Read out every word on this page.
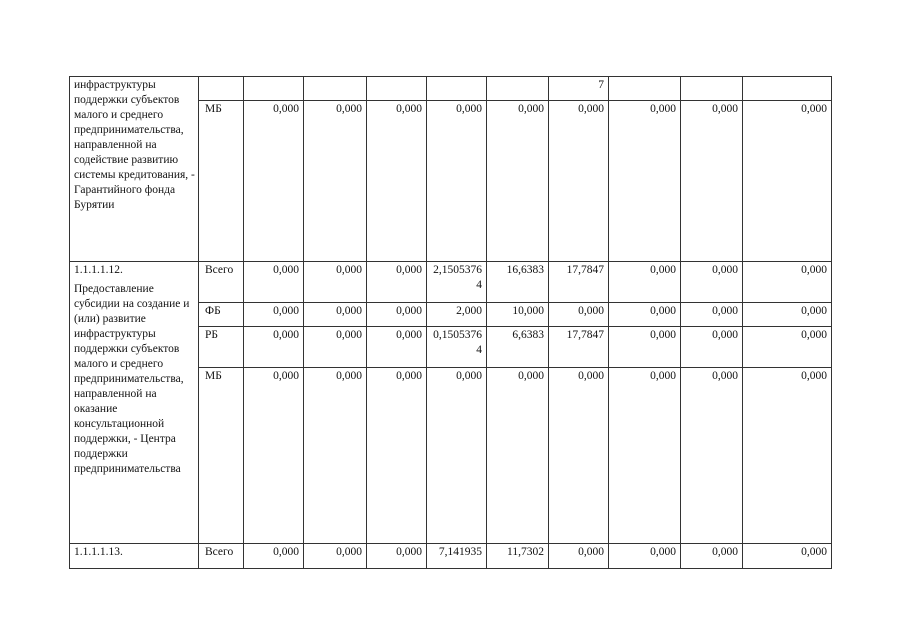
инфраструктуры поддержки субъектов малого и среднего предпринимательства, направленной на содействие развитию системы кредитования, - Гарантийного фонда Бурятии							7			
	МБ	0,000	0,000	0,000	0,000	0,000	0,000	0,000	0,000	0,000

1.1.1.1.12.
Предоставление субсидии на создание и (или) развитие инфраструктуры поддержки субъектов малого и среднего предпринимательства, направленной на оказание консультационной поддержки, - Центра поддержки предпринимательства	Всего	0,000	0,000	0,000	2,15053764	16,6383	17,7847	0,000	0,000	0,000
	ФБ	0,000	0,000	0,000	2,000	10,000	0,000	0,000	0,000	0,000
	РБ	0,000	0,000	0,000	0,15053764	6,6383	17,7847	0,000	0,000	0,000
	МБ	0,000	0,000	0,000	0,000	0,000	0,000	0,000	0,000	0,000

1.1.1.1.13.	Всего	0,000	0,000	0,000	7,141935	11,7302	0,000	0,000	0,000	0,000
